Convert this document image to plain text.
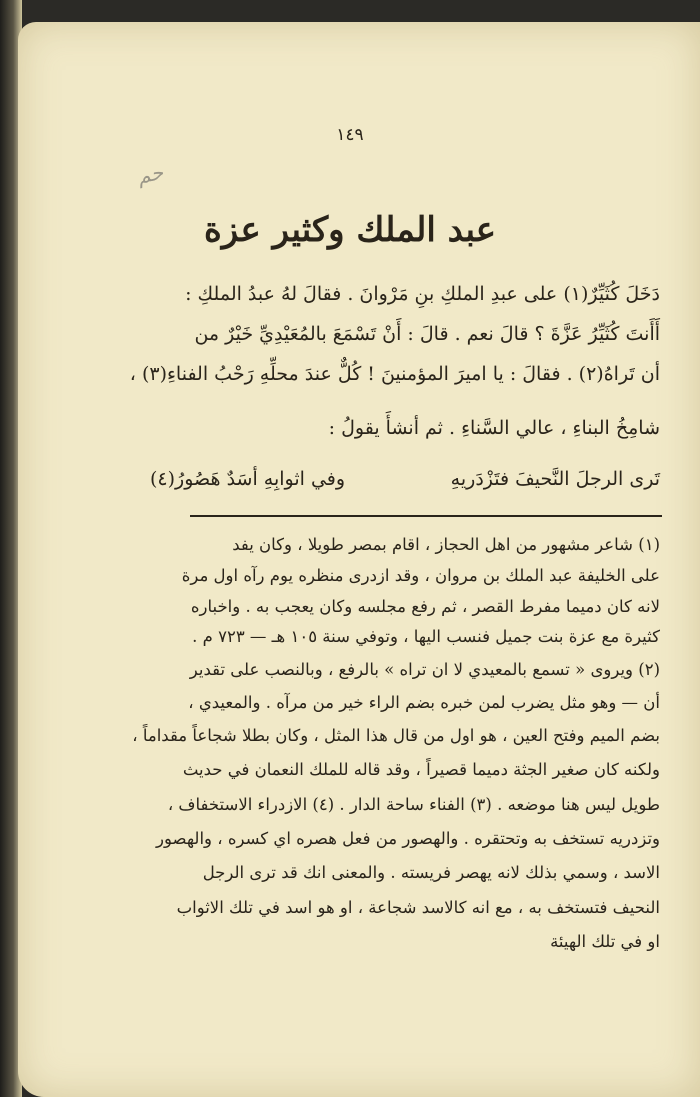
١٤٩
حم
عبد الملك وكثير عزة
دَخَلَ كُثَيِّرٌ(١) على عبدِ الملكِ بنِ مَرْوانَ . فقالَ لهُ عبدُ الملكِ :
أَأَنتَ كُثَيِّرُ عَزَّةَ ؟ قالَ نعم . قالَ : أَنْ تَسْمَعَ بالمُعَيْدِيِّ خَيْرٌ من
أن تَراهُ(٢) . فقالَ : يا اميرَ المؤمنينَ ! كُلٌّ عندَ محلِّهِ رَحْبُ الفناءِ(٣) ،
شامِخُ البناءِ ، عالي السَّناءِ . ثم أنشأَ يقولُ :
تَرى الرجلَ النَّحيفَ فتَزْدَريهِ
وفي اثوابِهِ أسَدٌ هَصُورُ(٤)
(١) شاعر مشهور من اهل الحجاز ، اقام بمصر طويلا ، وكان يفد
على الخليفة عبد الملك بن مروان ، وقد ازدرى منظره يوم رآه اول مرة
لانه كان دميما مفرط القصر ، ثم رفع مجلسه وكان يعجب به . واخباره
كثيرة مع عزة بنت جميل فنسب اليها ، وتوفي سنة ١٠٥ هـ — ٧٢٣ م .
(٢) ويروى « تسمع بالمعيدي لا ان تراه » بالرفع ، وبالنصب على تقدير
أن — وهو مثل يضرب لمن خبره بضم الراء خير من مرآه . والمعيدي ،
بضم الميم وفتح العين ، هو اول من قال هذا المثل ، وكان بطلا شجاعاً مقداماً ،
ولكنه كان صغير الجثة دميما قصيراً ، وقد قاله للملك النعمان في حديث
طويل ليس هنا موضعه . (٣) الفناء ساحة الدار . (٤) الازدراء الاستخفاف ،
وتزدريه تستخف به وتحتقره . والهصور من فعل هصره اي كسره ، والهصور
الاسد ، وسمي بذلك لانه يهصر فريسته . والمعنى انك قد ترى الرجل
النحيف فتستخف به ، مع انه كالاسد شجاعة ، او هو اسد في تلك الاثواب
او في تلك الهيئة
